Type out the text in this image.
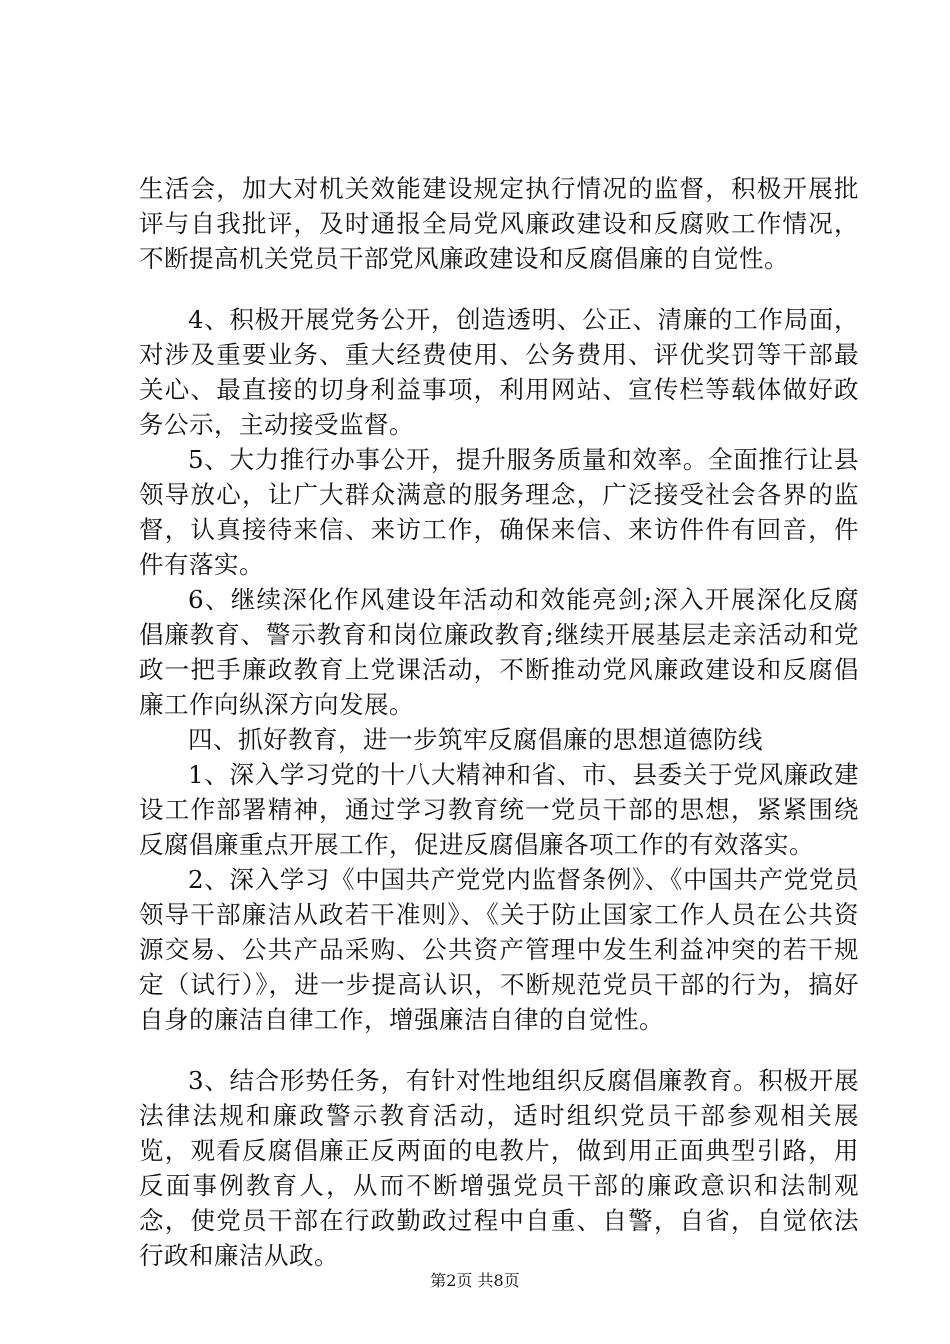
生活会，加大对机关效能建设规定执行情况的监督，积极开展批评与自我批评，及时通报全局党风廉政建设和反腐败工作情况，不断提高机关党员干部党风廉政建设和反腐倡廉的自觉性。

4、积极开展党务公开，创造透明、公正、清廉的工作局面，对涉及重要业务、重大经费使用、公务费用、评优奖罚等干部最关心、最直接的切身利益事项，利用网站、宣传栏等载体做好政务公示，主动接受监督。

5、大力推行办事公开，提升服务质量和效率。全面推行让县领导放心，让广大群众满意的服务理念，广泛接受社会各界的监督，认真接待来信、来访工作，确保来信、来访件件有回音，件件有落实。

6、继续深化作风建设年活动和效能亮剑;深入开展深化反腐倡廉教育、警示教育和岗位廉政教育;继续开展基层走亲活动和党政一把手廉政教育上党课活动，不断推动党风廉政建设和反腐倡廉工作向纵深方向发展。

四、抓好教育，进一步筑牢反腐倡廉的思想道德防线

1、深入学习党的十八大精神和省、市、县委关于党风廉政建设工作部署精神，通过学习教育统一党员干部的思想，紧紧围绕反腐倡廉重点开展工作，促进反腐倡廉各项工作的有效落实。

2、深入学习《中国共产党党内监督条例》、《中国共产党党员领导干部廉洁从政若干准则》、《关于防止国家工作人员在公共资源交易、公共产品采购、公共资产管理中发生利益冲突的若干规定（试行）》，进一步提高认识，不断规范党员干部的行为，搞好自身的廉洁自律工作，增强廉洁自律的自觉性。

3、结合形势任务，有针对性地组织反腐倡廉教育。积极开展法律法规和廉政警示教育活动，适时组织党员干部参观相关展览，观看反腐倡廉正反两面的电教片，做到用正面典型引路，用反面事例教育人，从而不断增强党员干部的廉政意识和法制观念，使党员干部在行政勤政过程中自重、自警，自省，自觉依法行政和廉洁从政。

第2页 共8页
